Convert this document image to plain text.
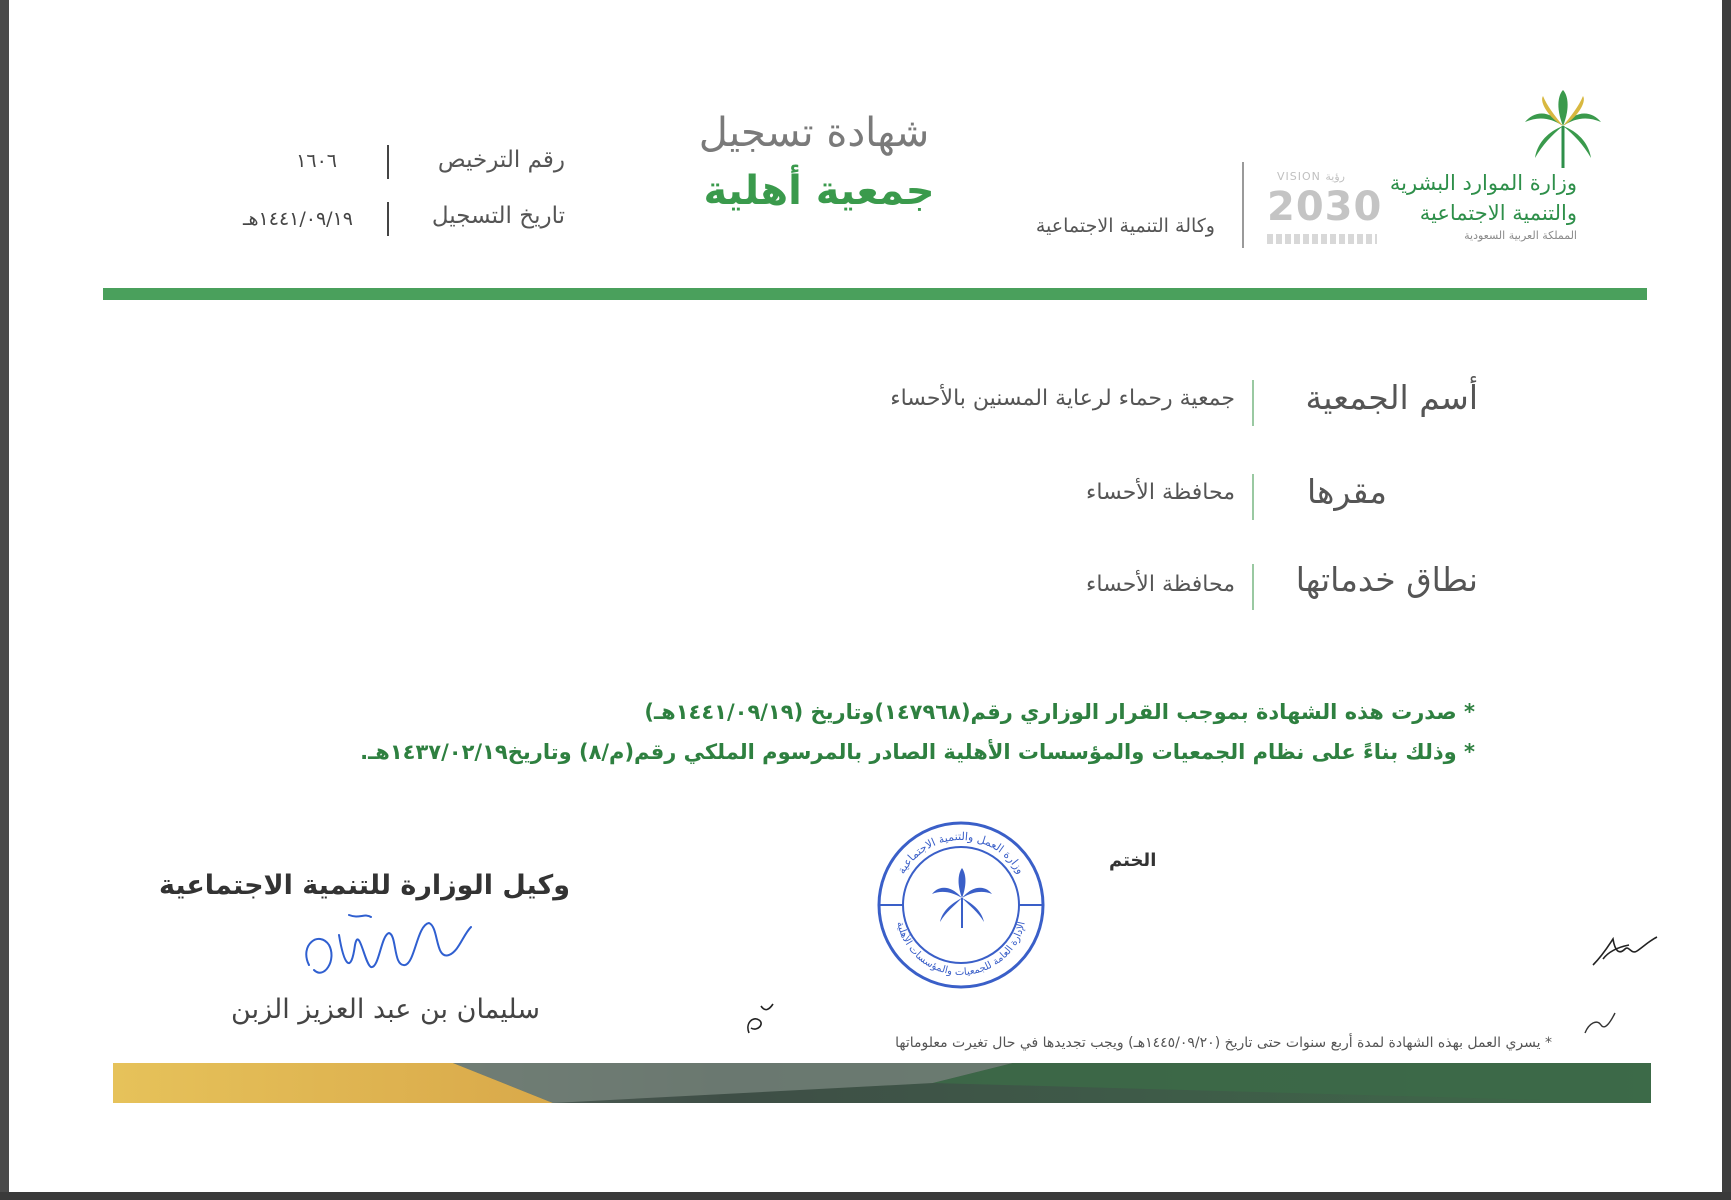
وزارة الموارد البشرية والتنمية الاجتماعية
المملكة العربية السعودية
VISION رؤية
2030
وكالة التنمية الاجتماعية
شهادة تسجيل
جمعية أهلية
رقم الترخيص
١٦٠٦
تاريخ التسجيل
١٤٤١/٠٩/١٩هـ
أسم الجمعية
جمعية رحماء لرعاية المسنين بالأحساء
مقرها
محافظة الأحساء
نطاق خدماتها
محافظة الأحساء
* صدرت هذه الشهادة بموجب القرار الوزاري رقم(١٤٧٩٦٨)وتاريخ (١٤٤١/٠٩/١٩هـ)
* وذلك بناءً على نظام الجمعيات والمؤسسات الأهلية الصادر بالمرسوم الملكي رقم(م/٨) وتاريخ١٤٣٧/٠٢/١٩هـ.
وكيل الوزارة للتنمية الاجتماعية
سليمان بن عبد العزيز الزبن
الختم
وزارة العمل والتنمية الاجتماعية
الإدارة العامة للجمعيات والمؤسسات الأهلية
* يسري العمل بهذه الشهادة لمدة أربع سنوات حتى تاريخ (١٤٤٥/٠٩/٢٠هـ) ويجب تجديدها في حال تغيرت معلوماتها
